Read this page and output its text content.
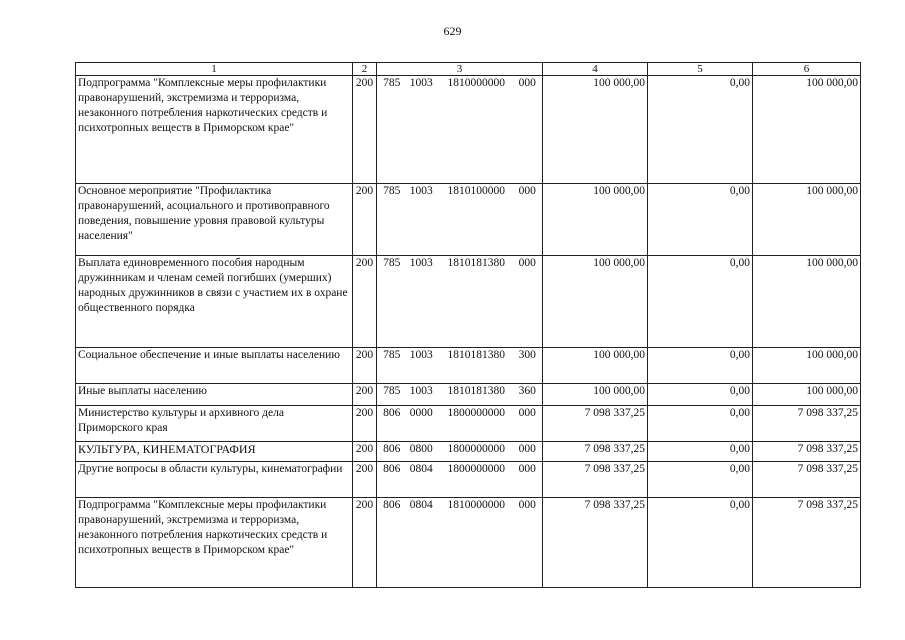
629
1	2	3	4	5	6
Подпрограмма "Комплексные меры профилактики правонарушений, экстремизма и терроризма, незаконного потребления наркотических средств и психотропных веществ в Приморском крае"	200	785 1003 1810000000 000	100 000,00	0,00	100 000,00
Основное мероприятие "Профилактика правонарушений, асоциального и противоправного поведения, повышение уровня правовой культуры населения"	200	785 1003 1810100000 000	100 000,00	0,00	100 000,00
Выплата единовременного пособия народным дружинникам и членам семей погибших (умерших) народных дружинников в связи с участием их в охране общественного порядка	200	785 1003 1810181380 000	100 000,00	0,00	100 000,00
Социальное обеспечение и иные выплаты населению	200	785 1003 1810181380 300	100 000,00	0,00	100 000,00
Иные выплаты населению	200	785 1003 1810181380 360	100 000,00	0,00	100 000,00
Министерство культуры и архивного дела Приморского края	200	806 0000 1800000000 000	7 098 337,25	0,00	7 098 337,25
КУЛЬТУРА, КИНЕМАТОГРАФИЯ	200	806 0800 1800000000 000	7 098 337,25	0,00	7 098 337,25
Другие вопросы в области культуры, кинематографии	200	806 0804 1800000000 000	7 098 337,25	0,00	7 098 337,25
Подпрограмма "Комплексные меры профилактики правонарушений, экстремизма и терроризма, незаконного потребления наркотических средств и психотропных веществ в Приморском крае"	200	806 0804 1810000000 000	7 098 337,25	0,00	7 098 337,25
